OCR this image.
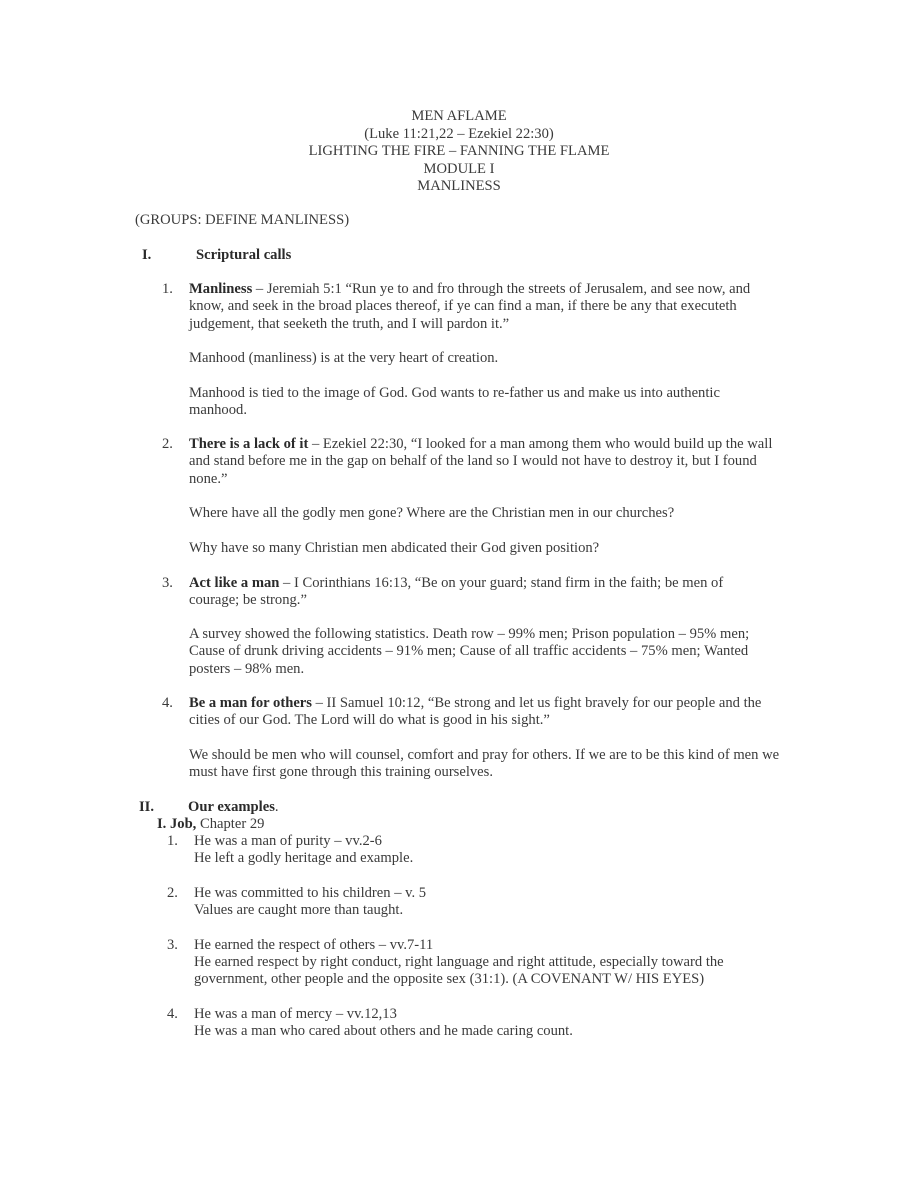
MEN AFLAME
(Luke 11:21,22 – Ezekiel 22:30)
LIGHTING THE FIRE – FANNING THE FLAME
MODULE I
MANLINESS
(GROUPS: DEFINE MANLINESS)
I.	Scriptural calls
1. Manliness – Jeremiah 5:1 “Run ye to and fro through the streets of Jerusalem, and see now, and know, and seek in the broad places thereof, if ye can find a man, if there be any that executeth judgement, that seeketh the truth, and I will pardon it.”
Manhood (manliness) is at the very heart of creation.
Manhood is tied to the image of God. God wants to re-father us and make us into authentic manhood.
2. There is a lack of it – Ezekiel 22:30, “I looked for a man among them who would build up the wall and stand before me in the gap on behalf of the land so I would not have to destroy it, but I found none.”
Where have all the godly men gone? Where are the Christian men in our churches?
Why have so many Christian men abdicated their God given position?
3. Act like a man – I Corinthians 16:13, “Be on your guard; stand firm in the faith; be men of courage; be strong.”
A survey showed the following statistics. Death row – 99% men; Prison population – 95% men; Cause of drunk driving accidents – 91% men; Cause of all traffic accidents – 75% men; Wanted posters – 98% men.
4. Be a man for others – II Samuel 10:12, “Be strong and let us fight bravely for our people and the cities of our God. The Lord will do what is good in his sight.”
We should be men who will counsel, comfort and pray for others. If we are to be this kind of men we must have first gone through this training ourselves.
II. Our examples.
I. Job, Chapter 29
1. He was a man of purity – vv.2-6
He left a godly heritage and example.
2. He was committed to his children – v. 5
Values are caught more than taught.
3. He earned the respect of others – vv.7-11
He earned respect by right conduct, right language and right attitude, especially toward the government, other people and the opposite sex (31:1). (A COVENANT W/ HIS EYES)
4. He was a man of mercy – vv.12,13
He was a man who cared about others and he made caring count.
